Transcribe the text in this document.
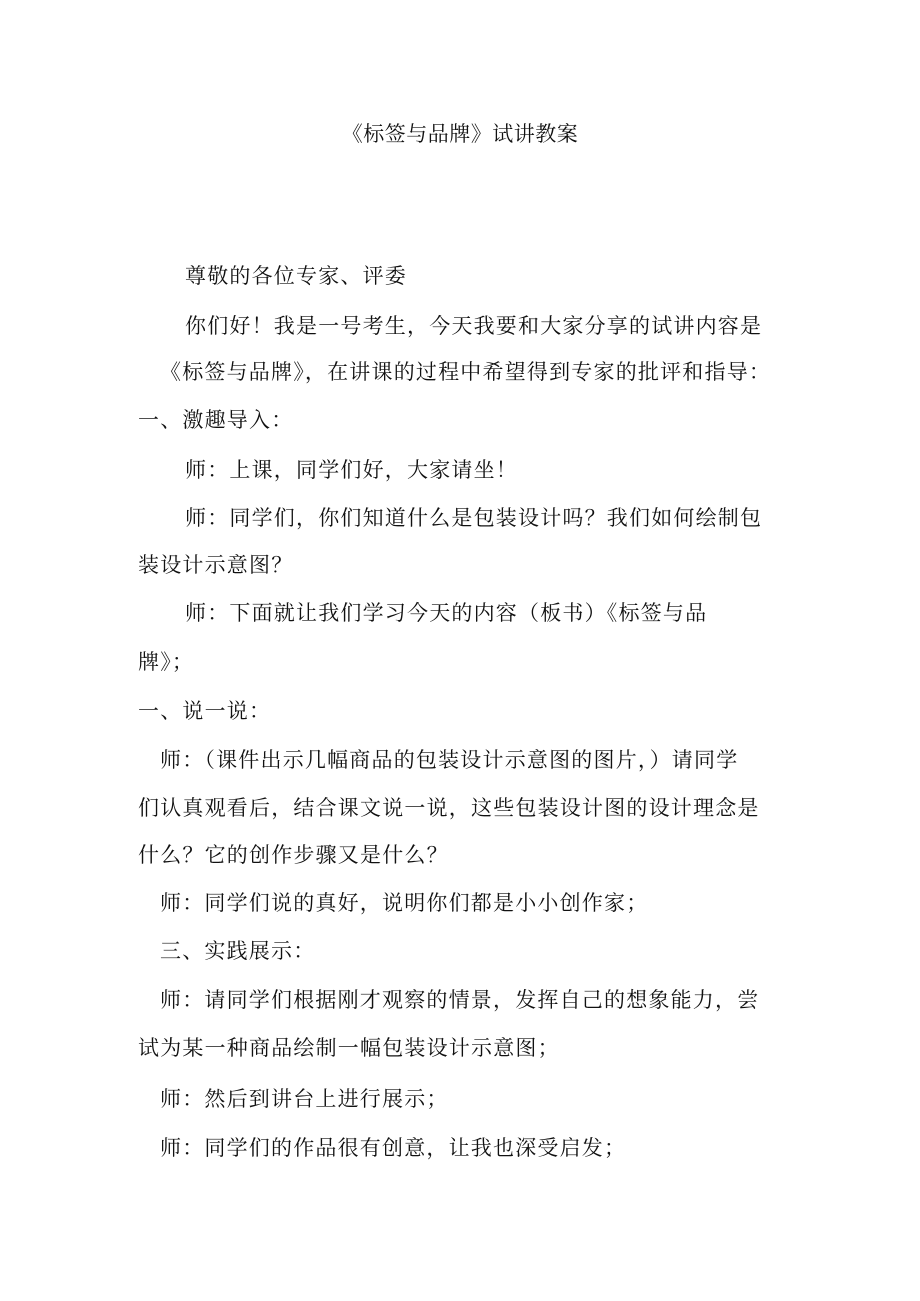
《标签与品牌》试讲教案
尊敬的各位专家、评委
你们好！我是一号考生，今天我要和大家分享的试讲内容是
《标签与品牌》，在讲课的过程中希望得到专家的批评和指导：
一、激趣导入：
师：上课，同学们好，大家请坐！
师：同学们，你们知道什么是包装设计吗？我们如何绘制包
装设计示意图？
师：下面就让我们学习今天的内容（板书）《标签与品
牌》；
一、说一说：
师：（课件出示几幅商品的包装设计示意图的图片，）请同学
们认真观看后，结合课文说一说，这些包装设计图的设计理念是
什么？它的创作步骤又是什么？
师：同学们说的真好，说明你们都是小小创作家；
三、实践展示：
师：请同学们根据刚才观察的情景，发挥自己的想象能力，尝
试为某一种商品绘制一幅包装设计示意图；
师：然后到讲台上进行展示；
师：同学们的作品很有创意，让我也深受启发；
